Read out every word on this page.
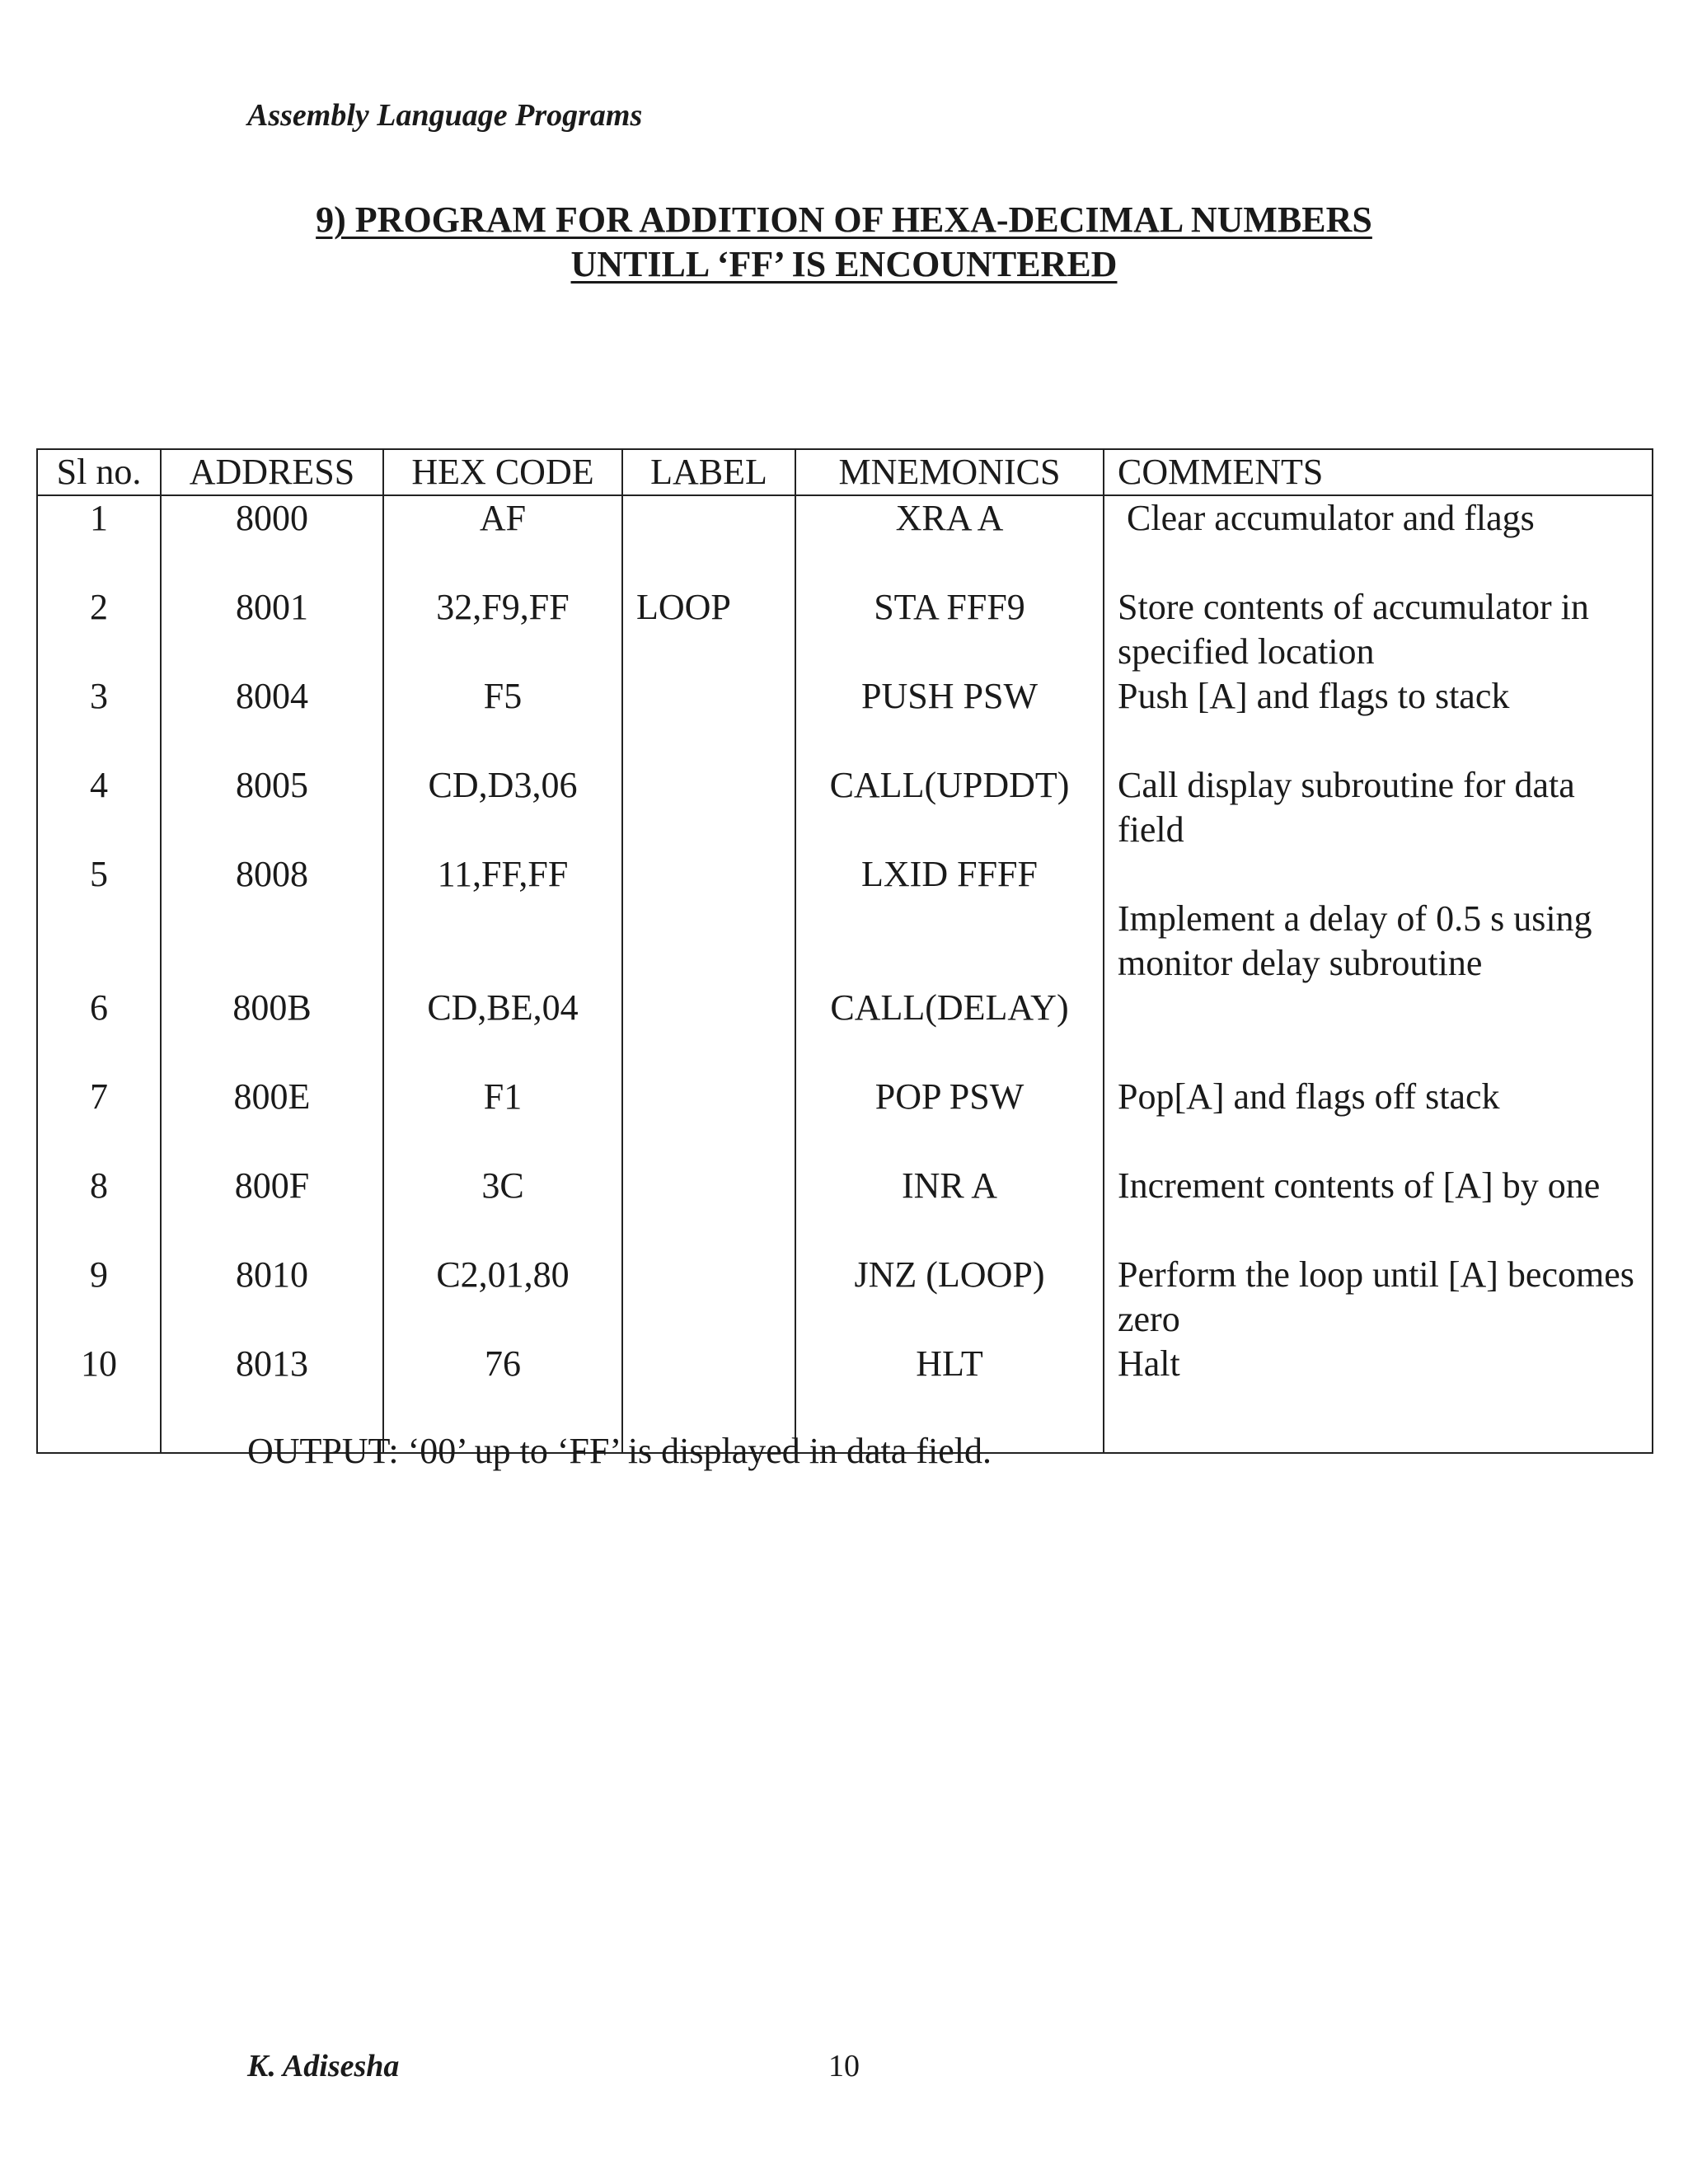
Assembly Language Programs
9) PROGRAM FOR ADDITION OF HEXA-DECIMAL NUMBERS
UNTILL ‘FF’ IS ENCOUNTERED
Sl no.	ADDRESS	HEX CODE	LABEL	MNEMONICS	COMMENTS
1	8000	AF		XRA A	Clear accumulator and flags
2	8001	32,F9,FF	LOOP	STA FFF9	Store contents of accumulator in specified location
3	8004	F5		PUSH PSW	Push [A] and flags to stack
4	8005	CD,D3,06		CALL(UPDDT)	Call display subroutine for data field
5	8008	11,FF,FF		LXID FFFF	
6	800B	CD,BE,04		CALL(DELAY)	Implement a delay of 0.5 s using monitor delay subroutine
7	800E	F1		POP PSW	Pop[A] and flags off stack
8	800F	3C		INR A	Increment contents of [A] by one
9	8010	C2,01,80		JNZ (LOOP)	Perform the loop until [A] becomes zero
10	8013	76		HLT	Halt
OUTPUT: ‘00’ up to ‘FF’ is displayed in data field.
K. Adisesha	10
